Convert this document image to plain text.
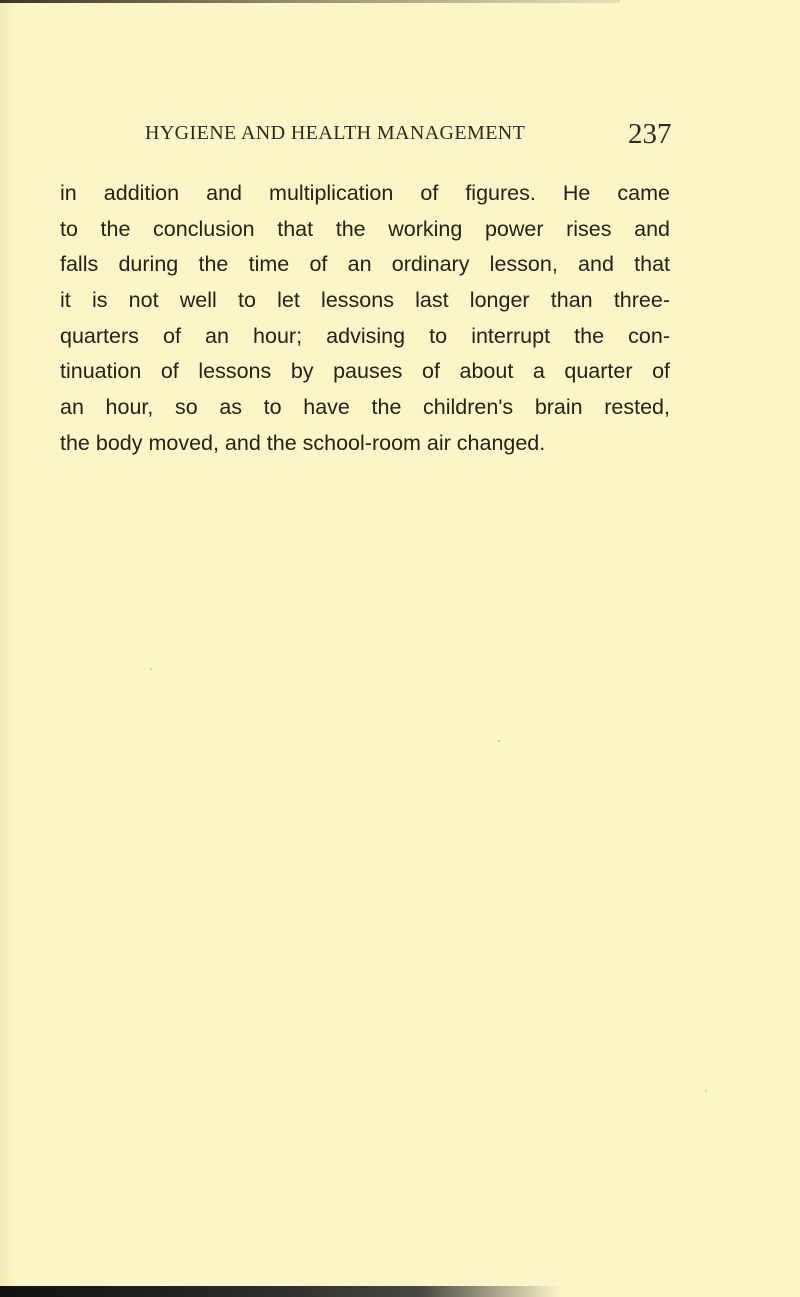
HYGIENE AND HEALTH MANAGEMENT	237
in addition and multiplication of figures. He came
to the conclusion that the working power rises and
falls during the time of an ordinary lesson, and that
it is not well to let lessons last longer than three-
quarters of an hour; advising to interrupt the con-
tinuation of lessons by pauses of about a quarter of
an hour, so as to have the children's brain rested,
the body moved, and the school-room air changed.
